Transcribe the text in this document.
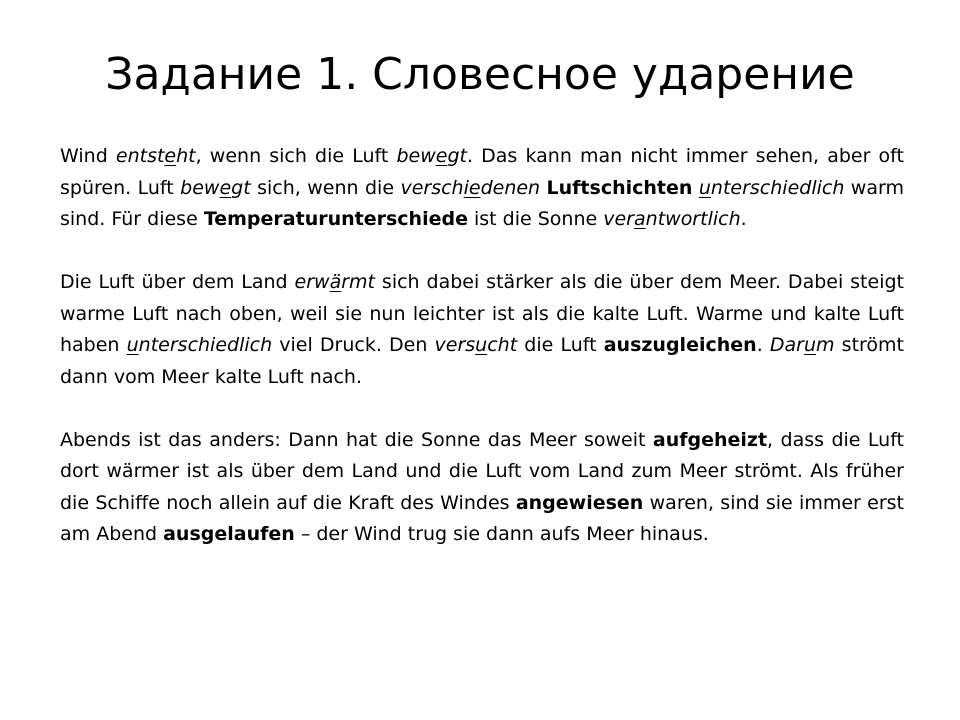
Задание 1. Словесное ударение

Wind entsteht, wenn sich die Luft bewegt. Das kann man nicht immer sehen, aber oft spüren. Luft bewegt sich, wenn die verschiedenen Luftschichten unterschiedlich warm sind. Für diese Temperaturunterschiede ist die Sonne verantwortlich.

Die Luft über dem Land erwärmt sich dabei stärker als die über dem Meer. Dabei steigt warme Luft nach oben, weil sie nun leichter ist als die kalte Luft. Warme und kalte Luft haben unterschiedlich viel Druck. Den versucht die Luft auszugleichen. Darum strömt dann vom Meer kalte Luft nach.

Abends ist das anders: Dann hat die Sonne das Meer soweit aufgeheizt, dass die Luft dort wärmer ist als über dem Land und die Luft vom Land zum Meer strömt. Als früher die Schiffe noch allein auf die Kraft des Windes angewiesen waren, sind sie immer erst am Abend ausgelaufen – der Wind trug sie dann aufs Meer hinaus.
